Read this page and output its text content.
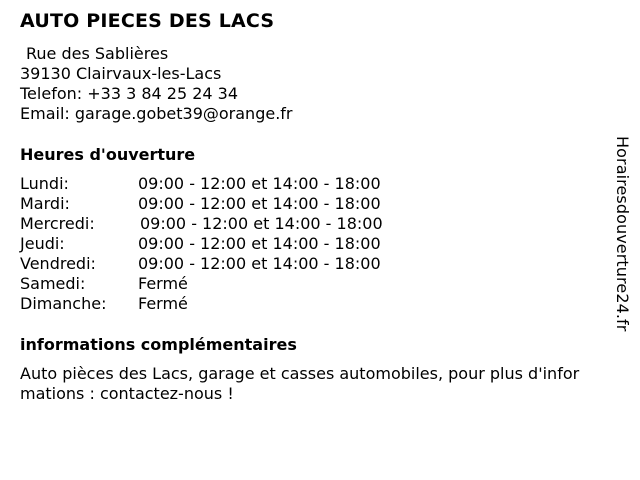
AUTO PIECES DES LACS
Rue des Sablières
39130 Clairvaux-les-Lacs
Telefon: +33 3 84 25 24 34
Email: garage.gobet39@orange.fr
Heures d'ouverture
Lundi:	09:00 - 12:00 et 14:00 - 18:00
Mardi:	09:00 - 12:00 et 14:00 - 18:00
Mercredi:	09:00 - 12:00 et 14:00 - 18:00
Jeudi:	09:00 - 12:00 et 14:00 - 18:00
Vendredi:	09:00 - 12:00 et 14:00 - 18:00
Samedi:	Fermé
Dimanche: Fermé
informations complémentaires
Auto pièces des Lacs, garage et casses automobiles, pour plus d'informations : contactez-nous !
Horairesdouverture24.fr
